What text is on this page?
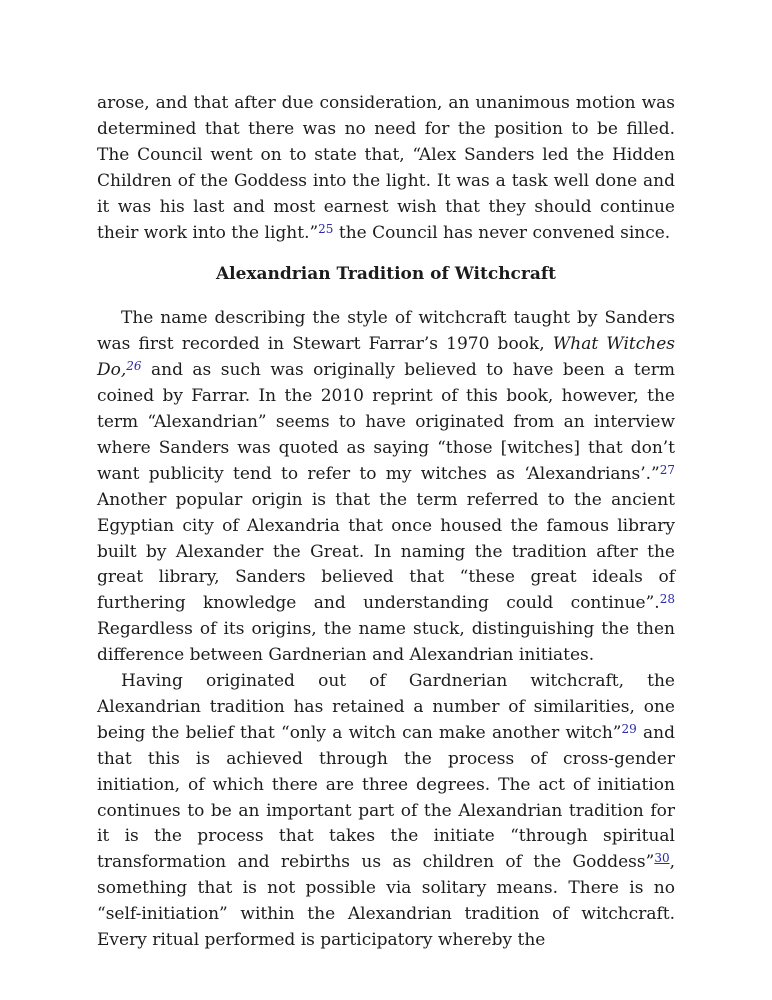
arose, and that after due consideration, an unanimous motion was determined that there was no need for the position to be filled. The Council went on to state that, “Alex Sanders led the Hidden Children of the Goddess into the light. It was a task well done and it was his last and most earnest wish that they should continue their work into the light.”$^{25}$ the Council has never convened since.

Alexandrian Tradition of Witchcraft

The name describing the style of witchcraft taught by Sanders was first recorded in Stewart Farrar’s 1970 book, What Witches Do,$^{26}$ and as such was originally believed to have been a term coined by Farrar. In the 2010 reprint of this book, however, the term “Alexandrian” seems to have originated from an interview where Sanders was quoted as saying “those [witches] that don’t want publicity tend to refer to my witches as ‘Alexandrians’.”$^{27}$ Another popular origin is that the term referred to the ancient Egyptian city of Alexandria that once housed the famous library built by Alexander the Great. In naming the tradition after the great library, Sanders believed that “these great ideals of furthering knowledge and understanding could continue”.$^{28}$ Regardless of its origins, the name stuck, distinguishing the then difference between Gardnerian and Alexandrian initiates.

Having originated out of Gardnerian witchcraft, the Alexandrian tradition has retained a number of similarities, one being the belief that “only a witch can make another witch”$^{29}$ and that this is achieved through the process of cross-gender initiation, of which there are three degrees. The act of initiation continues to be an important part of the Alexandrian tradition for it is the process that takes the initiate “through spiritual transformation and rebirths us as children of the Goddess”$^{30}$, something that is not possible via solitary means. There is no “self-initiation” within the Alexandrian tradition of witchcraft. Every ritual performed is participatory whereby the
